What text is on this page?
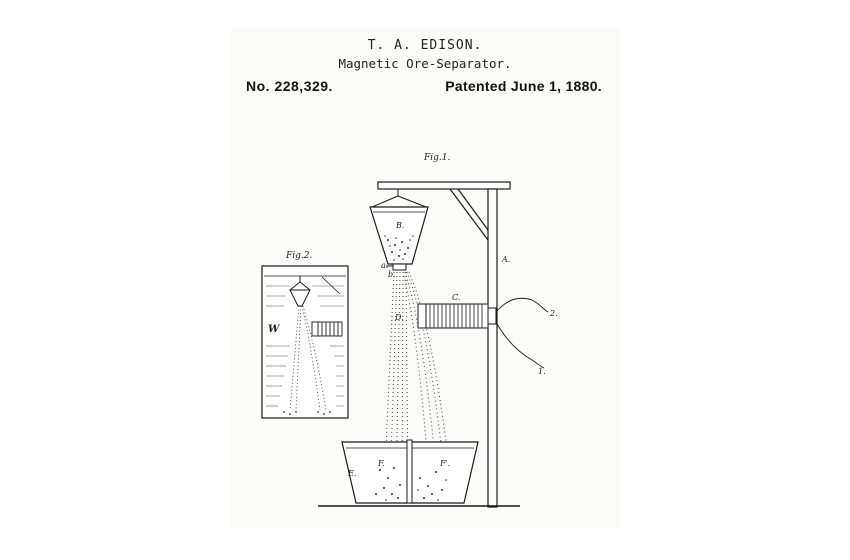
T. A. EDISON.
Magnetic Ore-Separator.
No. 228,329.	Patented June 1, 1880.
Fig.1.
B.
a.
b.
C.
D.	2.
1.
A.
E.
F.	F'.
Fig.2.
W
